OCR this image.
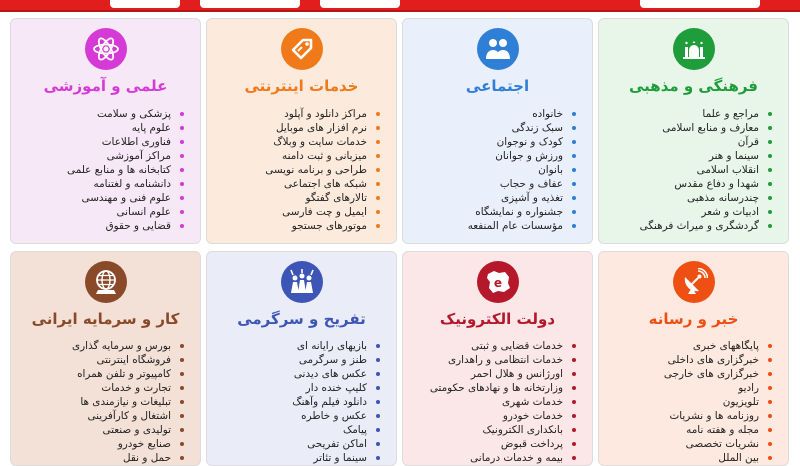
فرهنگی و مذهبی
مراجع و علما
معارف و منابع اسلامی
قرآن
سینما و هنر
انقلاب اسلامی
شهدا و دفاع مقدس
چندرسانه مذهبی
ادبیات و شعر
گردشگری و میراث فرهنگی
اجتماعی
خانواده
سبک زندگی
کودک و نوجوان
ورزش و جوانان
بانوان
عفاف و حجاب
تغذیه و آشپزی
جشنواره و نمایشگاه
مؤسسات عام المنفعه
خدمات اینترنتی
مراکز دانلود و آپلود
نرم افزار های موبایل
خدمات سایت و وبلاگ
میزبانی و ثبت دامنه
طراحی و برنامه نویسی
شبکه های اجتماعی
تالارهای گفتگو
ایمیل و چت فارسی
موتورهای جستجو
علمی و آموزشی
پزشکی و سلامت
علوم پایه
فناوری اطلاعات
مراکز آموزشی
کتابخانه ها و منابع علمی
دانشنامه و لغتنامه
علوم فنی و مهندسی
علوم انسانی
قضایی و حقوق
خبر و رسانه
پایگاههای خبری
خبرگزاری های داخلی
خبرگزاری های خارجی
رادیو
تلویزیون
روزنامه ها و نشریات
مجله و هفته نامه
نشریات تخصصی
بین الملل
e
دولت الکترونیک
خدمات قضایی و ثبتی
خدمات انتظامی و راهداری
اورژانس و هلال احمر
وزارتخانه ها و نهادهای حکومتی
خدمات شهری
خدمات خودرو
بانکداری الکترونیک
پرداخت قبوض
بیمه و خدمات درمانی
تفریح و سرگرمی
بازیهای رایانه ای
طنز و سرگرمی
عکس های دیدنی
کلیپ خنده دار
دانلود فیلم وآهنگ
عکس و خاطره
پیامک
اماکن تفریحی
سینما و تئاتر
کار و سرمایه ایرانی
بورس و سرمایه گذاری
فروشگاه اینترنتی
کامپیوتر و تلفن همراه
تجارت و خدمات
تبلیغات و نیازمندی ها
اشتغال و کارآفرینی
تولیدی و صنعتی
صنایع خودرو
حمل و نقل
